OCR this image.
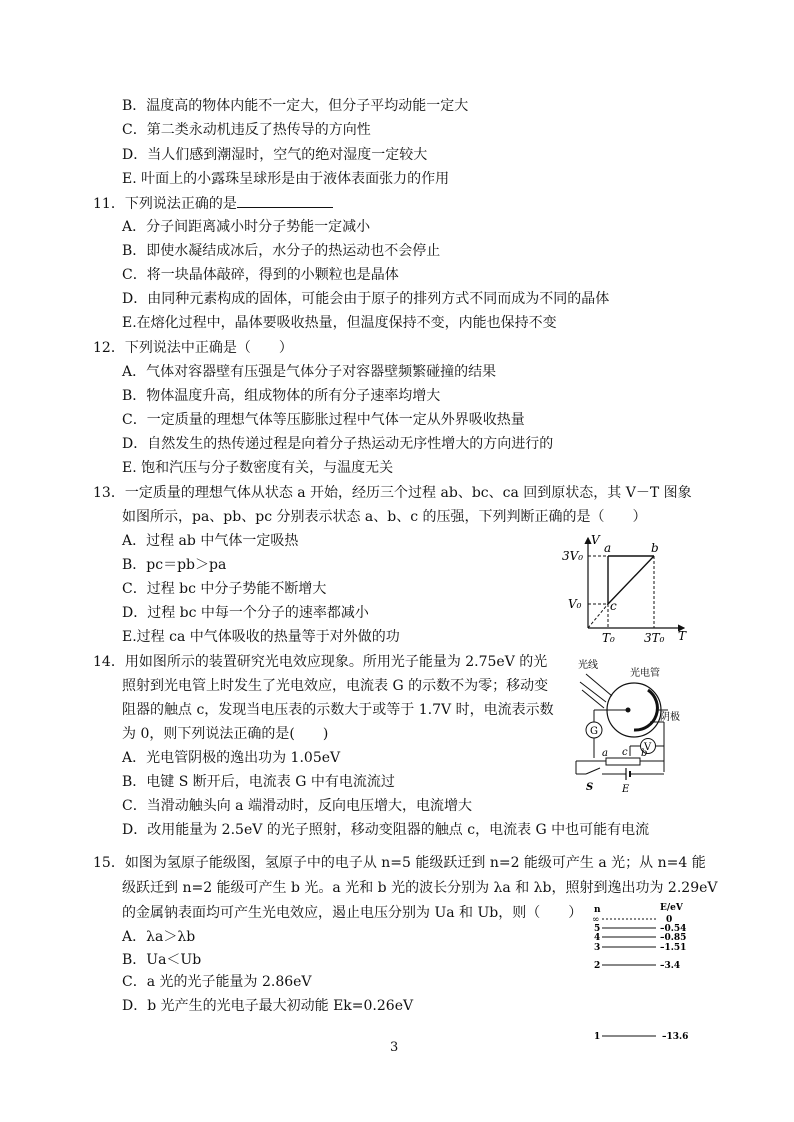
B．温度高的物体内能不一定大，但分子平均动能一定大
C．第二类永动机违反了热传导的方向性
D．当人们感到潮湿时，空气的绝对湿度一定较大
E. 叶面上的小露珠呈球形是由于液体表面张力的作用
11．下列说法正确的是
A．分子间距离减小时分子势能一定减小
B．即使水凝结成冰后，水分子的热运动也不会停止
C．将一块晶体敲碎，得到的小颗粒也是晶体
D．由同种元素构成的固体，可能会由于原子的排列方式不同而成为不同的晶体
E.在熔化过程中，晶体要吸收热量，但温度保持不变，内能也保持不变
12．下列说法中正确是（　　）
A．气体对容器壁有压强是气体分子对容器壁频繁碰撞的结果
B．物体温度升高，组成物体的所有分子速率均增大
C．一定质量的理想气体等压膨胀过程中气体一定从外界吸收热量
D．自然发生的热传递过程是向着分子热运动无序性增大的方向进行的
E. 饱和汽压与分子数密度有关，与温度无关
13．一定质量的理想气体从状态 a 开始，经历三个过程 ab、bc、ca 回到原状态，其 V－T 图象
如图所示，pa、pb、pc 分别表示状态 a、b、c 的压强，下列判断正确的是（　　）
A．过程 ab 中气体一定吸热
B．pc＝pb＞pa
C．过程 bc 中分子势能不断增大
D．过程 bc 中每一个分子的速率都减小
E.过程 ca 中气体吸收的热量等于对外做的功
V
a	b
c
3V₀
V₀
T₀ 3T₀ T
14．用如图所示的装置研究光电效应现象。所用光子能量为 2.75eV 的光
照射到光电管上时发生了光电效应，电流表 G 的示数不为零；移动变
阻器的触点 c，发现当电压表的示数大于或等于 1.7V 时，电流表示数
为 0，则下列说法正确的是(　　)
A．光电管阴极的逸出功为 1.05eV
B．电键 S 断开后，电流表 G 中有电流流过
C．当滑动触头向 a 端滑动时，反向电压增大，电流增大
D．改用能量为 2.5eV 的光子照射，移动变阻器的触点 c，电流表 G 中也可能有电流
光线
光电管
阴极
G
V
a c b
S	E
15．如图为氢原子能级图，氢原子中的电子从 n=5 能级跃迁到 n=2 能级可产生 a 光；从 n=4 能
级跃迁到 n=2 能级可产生 b 光。a 光和 b 光的波长分别为 λa 和 λb，照射到逸出功为 2.29eV
的金属钠表面均可产生光电效应，遏止电压分别为 Ua 和 Ub，则（　　）
A．λa＞λb
B．Ua＜Ub
C．a 光的光子能量为 2.86eV
D．b 光产生的光电子最大初动能 Ek=0.26eV
n	E/eV
∞	0
5	–0.54
4	–0.85
3	–1.51
2	–3.4
1	–13.6
3
